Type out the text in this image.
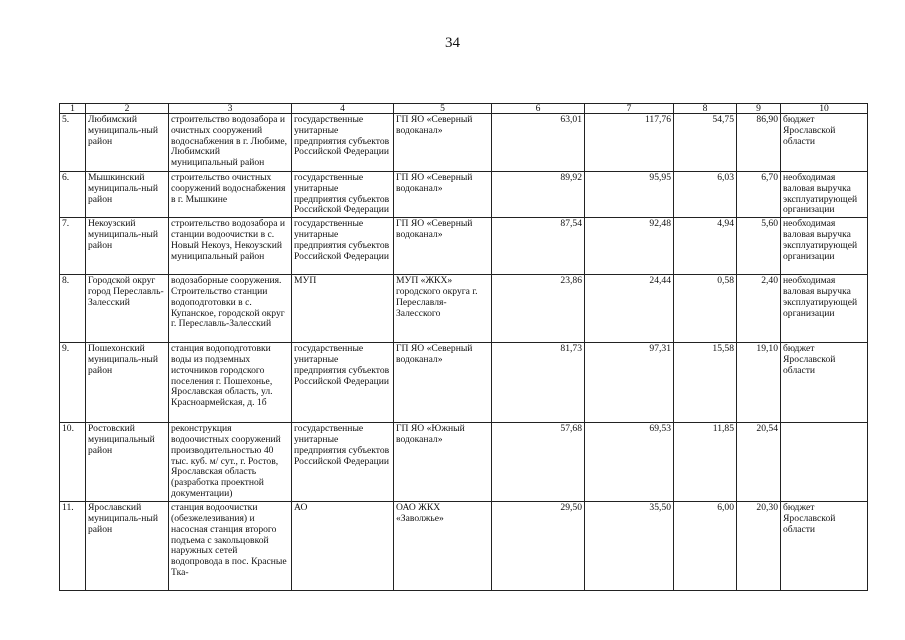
34
1	2	3	4	5	6	7	8	9	10
5.	Любимский муниципаль-ный район	строительство водозабора и очистных сооружений водоснабжения в г. Любиме, Любимский муниципальный район	государственные унитарные предприятия субъектов Российской Федерации	ГП ЯО «Северный водоканал»	63,01	117,76	54,75	86,90	бюджет Ярославской области
6.	Мышкинский муниципаль-ный район	строительство очистных сооружений водоснабжения в г. Мышкине	государственные унитарные предприятия субъектов Российской Федерации	ГП ЯО «Северный водоканал»	89,92	95,95	6,03	6,70	необходимая валовая выручка эксплуатирующей организации
7.	Некоузский муниципаль-ный район	строительство водозабора и станции водоочистки в с. Новый Некоуз, Некоузский муниципальный район	государственные унитарные предприятия субъектов Российской Федерации	ГП ЯО «Северный водоканал»	87,54	92,48	4,94	5,60	необходимая валовая выручка эксплуатирующей организации
8.	Городской округ город Переславль-Залесский	водозаборные сооружения. Строительство станции водоподготовки в с. Купанское, городской округ г. Переславль-Залесский	МУП	МУП «ЖКХ» городского округа г. Переславля-Залесского	23,86	24,44	0,58	2,40	необходимая валовая выручка эксплуатирующей организации
9.	Пошехонский муниципаль-ный район	станция водоподготовки воды из подземных источников городского поселения г. Пошехонье, Ярославская область, ул. Красноармейская, д. 1б	государственные унитарные предприятия субъектов Российской Федерации	ГП ЯО «Северный водоканал»	81,73	97,31	15,58	19,10	бюджет Ярославской области
10.	Ростовский муниципальный район	реконструкция водоочистных сооружений производительностью 40 тыс. куб. м/ сут., г. Ростов, Ярославская область (разработка проектной документации)	государственные унитарные предприятия субъектов Российской Федерации	ГП ЯО «Южный водоканал»	57,68	69,53	11,85	20,54	
11.	Ярославский муниципаль-ный район	станция водоочистки (обезжелезивания) и насосная станция второго подъема с закольцовкой наружных сетей водопровода в пос. Красные Тка-	АО	ОАО ЖКХ «Заволжье»	29,50	35,50	6,00	20,30	бюджет Ярославской области
